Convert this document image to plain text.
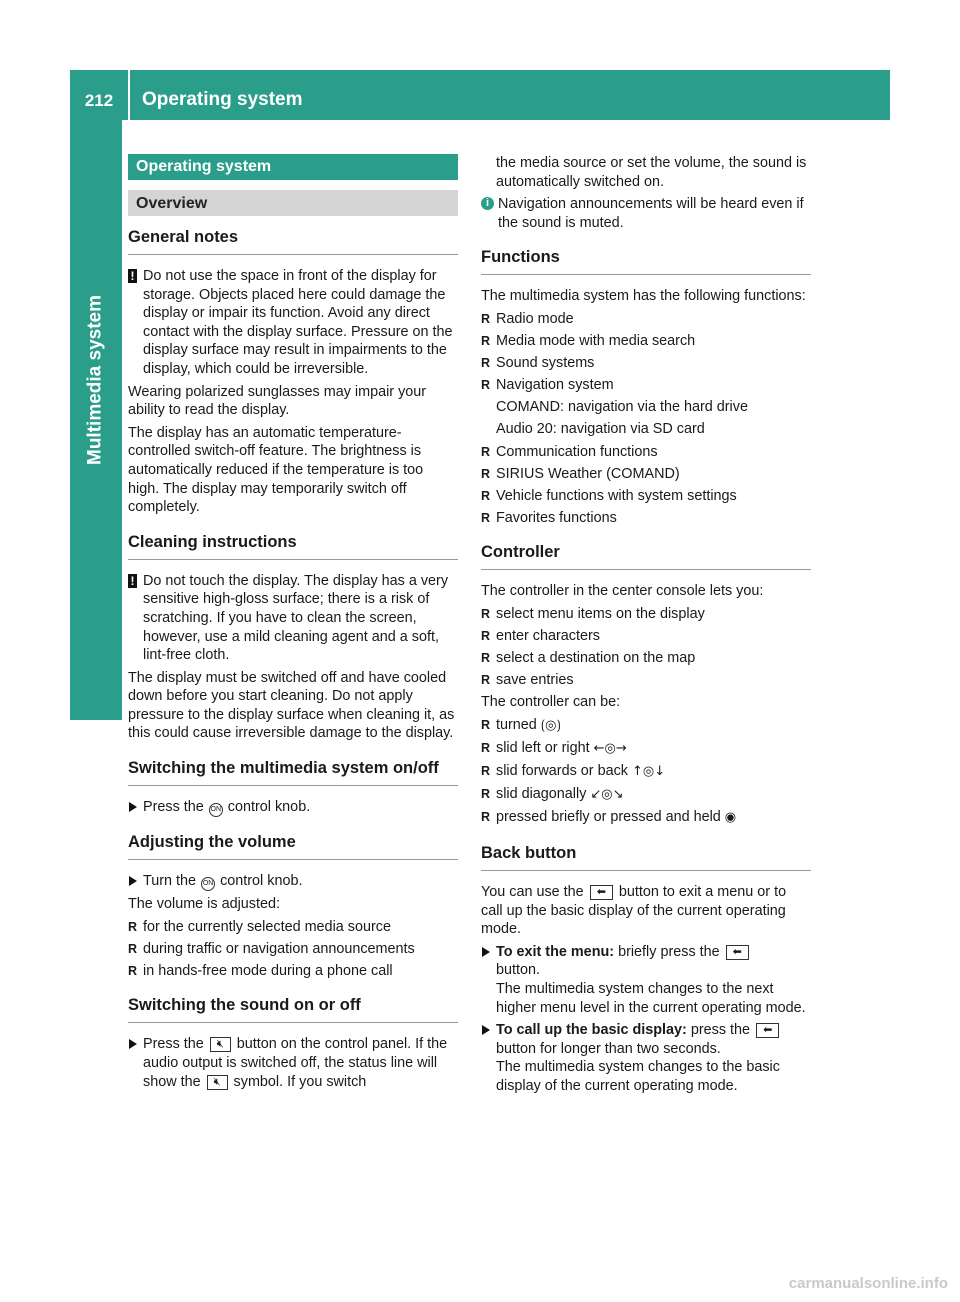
212	Operating system
Multimedia system
Operating system
Overview
General notes
! Do not use the space in front of the display for storage. Objects placed here could damage the display or impair its function. Avoid any direct contact with the display surface. Pressure on the display surface may result in impairments to the display, which could be irreversible.

Wearing polarized sunglasses may impair your ability to read the display.

The display has an automatic temperature-controlled switch-off feature. The brightness is automatically reduced if the temperature is too high. The display may temporarily switch off completely.

Cleaning instructions
! Do not touch the display. The display has a very sensitive high-gloss surface; there is a risk of scratching. If you have to clean the screen, however, use a mild cleaning agent and a soft, lint-free cloth.

The display must be switched off and have cooled down before you start cleaning. Do not apply pressure to the display surface when cleaning it, as this could cause irreversible damage to the display.

Switching the multimedia system on/off
Press the ON control knob.
Adjusting the volume
Turn the ON control knob.

The volume is adjusted:

R for the currently selected media source
R during traffic or navigation announcements
R in hands-free mode during a phone call
Switching the sound on or off
Press the 🔇︎ button on the control panel. If the audio output is switched off, the status line will show the 🔇︎ symbol. If you switch

the media source or set the volume, the sound is automatically switched on.

i Navigation announcements will be heard even if the sound is muted.
Functions

The multimedia system has the following functions:

R Radio mode
R Media mode with media search
R Sound systems
R Navigation system
COMAND: navigation via the hard drive
Audio 20: navigation via SD card
R Communication functions
R SIRIUS Weather (COMAND)
R Vehicle functions with system settings
R Favorites functions
Controller

The controller in the center console lets you:

R select menu items on the display
R enter characters
R select a destination on the map
R save entries

The controller can be:

R turned ⟮◎⟯
R slid left or right ←◎→
R slid forwards or back ↑◎↓
R slid diagonally ↙◎↘
R pressed briefly or pressed and held ◉
Back button

You can use the ⬅︎ button to exit a menu or to call up the basic display of the current operating mode.

To exit the menu: briefly press the ⬅︎
button.
The multimedia system changes to the next higher menu level in the current operating mode.
To call up the basic display: press the ⬅︎
button for longer than two seconds.
The multimedia system changes to the basic display of the current operating mode.
carmanualsonline.info
